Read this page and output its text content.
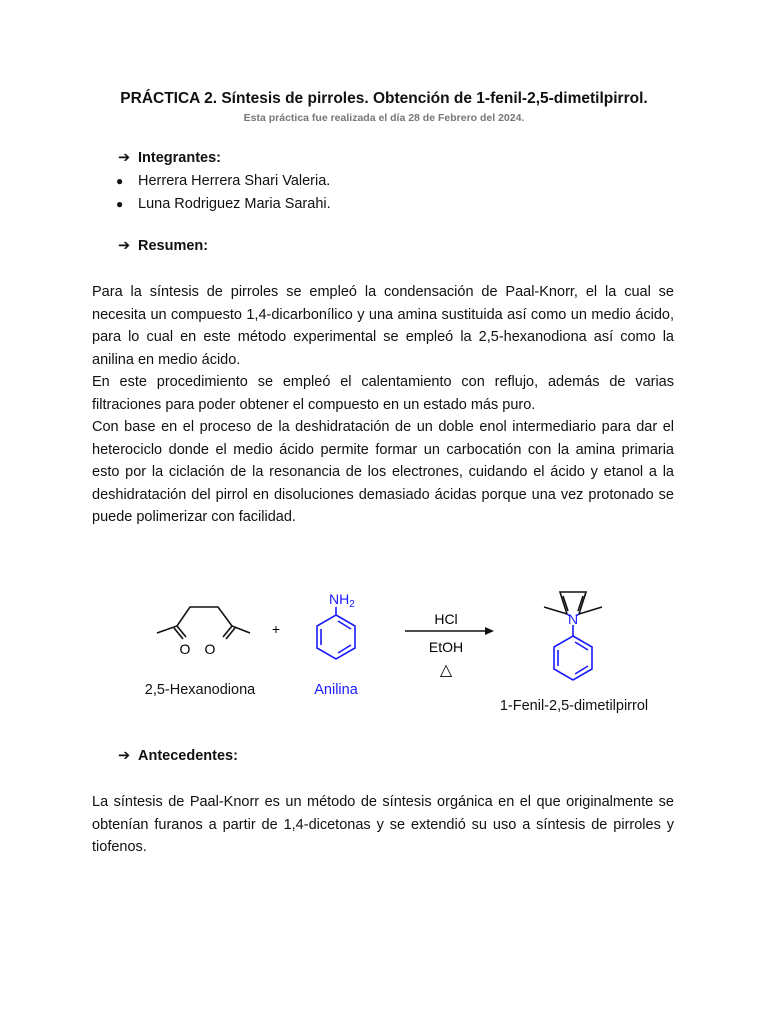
PRÁCTICA 2. Síntesis de pirroles. Obtención de 1-fenil-2,5-dimetilpirrol.
Esta práctica fue realizada el día 28 de Febrero del 2024.
➔ Integrantes:
● Herrera Herrera Shari Valeria.
● Luna Rodriguez Maria Sarahi.
➔ Resumen:

Para la síntesis de pirroles se empleó la condensación de Paal-Knorr, el la cual se necesita un compuesto 1,4-dicarbonílico y una amina sustituida así como un medio ácido, para lo cual en este método experimental se empleó la 2,5-hexanodiona así como la anilina en medio ácido.

En este procedimiento se empleó el calentamiento con reflujo, además de varias filtraciones para poder obtener el compuesto en un estado más puro.

Con base en el proceso de la deshidratación de un doble enol intermediario para dar el heterociclo donde el medio ácido permite formar un carbocatión con la amina primaria esto por la ciclación de la resonancia de los electrones, cuidando el ácido y etanol a la deshidratación del pirrol en disoluciones demasiado ácidas porque una vez protonado se puede polimerizar con facilidad.

O O
2,5-Hexanodiona
+
$NH_2$
Anilina
HCl
EtOH
△
N
1-Fenil-2,5-dimetilpirrol
➔ Antecedentes:

La síntesis de Paal-Knorr es un método de síntesis orgánica en el que originalmente se obtenían furanos a partir de 1,4-dicetonas y se extendió su uso a síntesis de pirroles y tiofenos.
